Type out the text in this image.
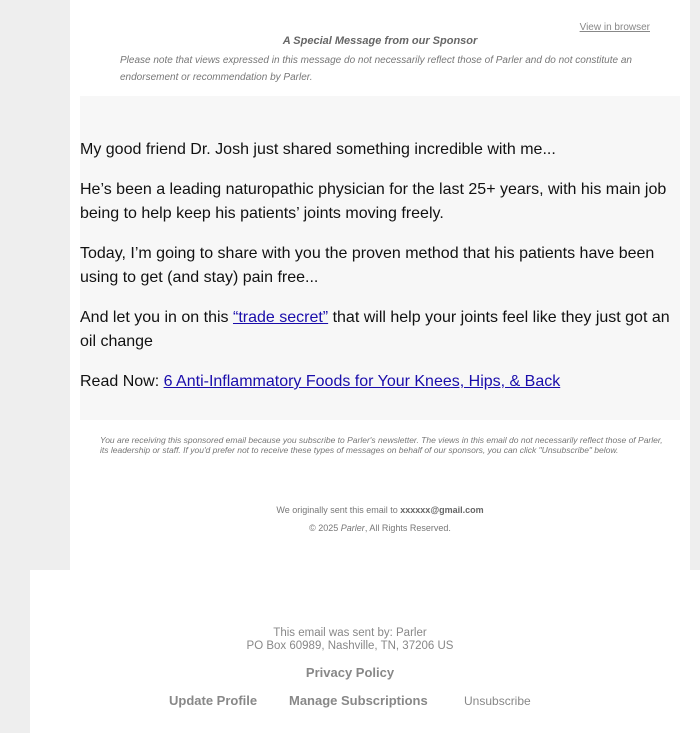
View in browser
A Special Message from our Sponsor
Please note that views expressed in this message do not necessarily reflect those of Parler and do not constitute an endorsement or recommendation by Parler.

My good friend Dr. Josh just shared something incredible with me...

He’s been a leading naturopathic physician for the last 25+ years, with his main job being to help keep his patients’ joints moving freely.

Today, I’m going to share with you the proven method that his patients have been using to get (and stay) pain free...

And let you in on this “trade secret” that will help your joints feel like they just got an oil change

Read Now: 6 Anti-Inflammatory Foods for Your Knees, Hips, & Back

You are receiving this sponsored email because you subscribe to Parler's newsletter. The views in this email do not necessarily reflect those of Parler, its leadership or staff. If you'd prefer not to receive these types of messages on behalf of our sponsors, you can click "Unsubscribe" below.
We originally sent this email to xxxxxx@gmail.com
© 2025 Parler, All Rights Reserved.
This email was sent by: Parler
PO Box 60989, Nashville, TN, 37206 US
Privacy Policy
Update Profile Manage Subscriptions	Unsubscribe
